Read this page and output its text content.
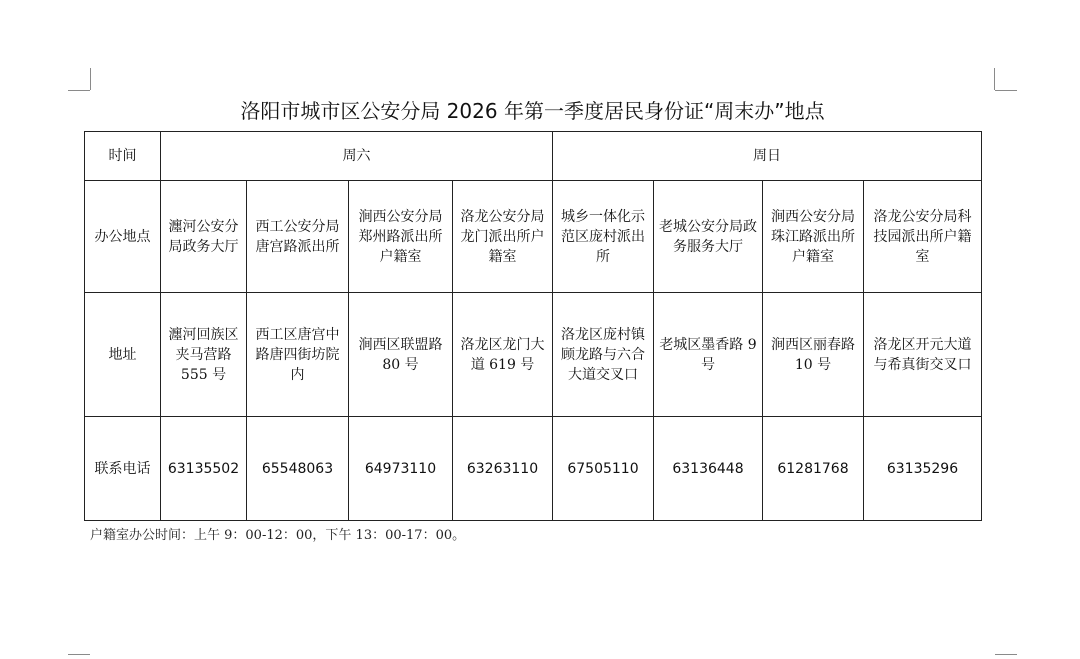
洛阳市城市区公安分局 2026 年第一季度居民身份证“周末办”地点
时间	周六				周日			
办公地点	瀍河公安分局政务大厅	西工公安分局唐宫路派出所	涧西公安分局郑州路派出所户籍室	洛龙公安分局龙门派出所户籍室	城乡一体化示范区庞村派出所	老城公安分局政务服务大厅	涧西公安分局珠江路派出所户籍室	洛龙公安分局科技园派出所户籍室
地址	瀍河回族区夹马营路 555 号	西工区唐宫中路唐四街坊院内	涧西区联盟路 80 号	洛龙区龙门大道 619 号	洛龙区庞村镇顾龙路与六合大道交叉口	老城区墨香路 9 号	涧西区丽春路 10 号	洛龙区开元大道与希真街交叉口
联系电话	63135502	65548063	64973110	63263110	67505110	63136448	61281768	63135296
户籍室办公时间：上午 9：00-12：00，下午 13：00-17：00。
